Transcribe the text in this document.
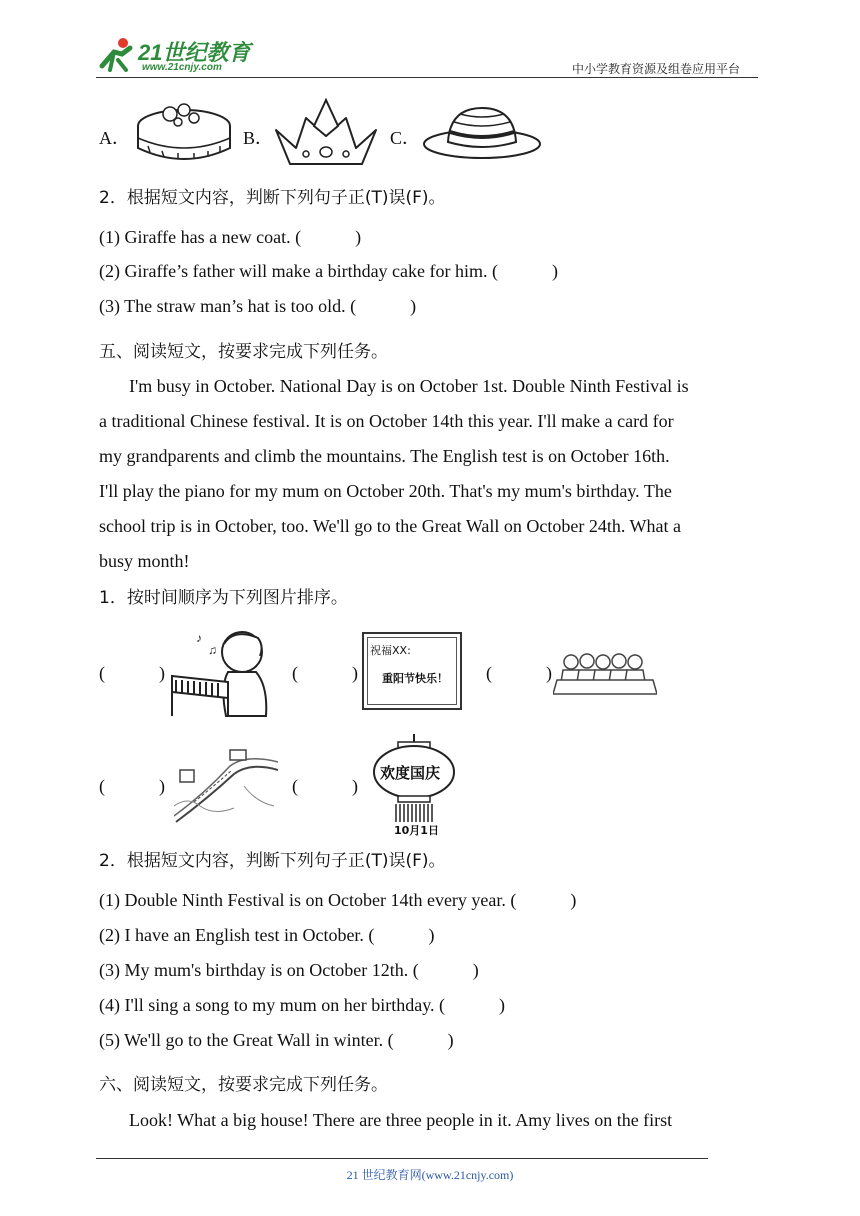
21世纪教育
www.21cnjy.com	中小学教育资源及组卷应用平台
A．	B．	C．
2．根据短文内容，判断下列句子正(T)误(F)。
(1) Giraffe has a new coat. (	)
(2) Giraffe’s father will make a birthday cake for him. (	)
(3) The straw man’s hat is too old. (	)
五、阅读短文，按要求完成下列任务。
I'm busy in October. National Day is on October 1st. Double Ninth Festival is
a traditional Chinese festival. It is on October 14th this year. I'll make a card for
my grandparents and climb the mountains. The English test is on October 16th.
I'll play the piano for my mum on October 20th. That's my mum's birthday. The
school trip is in October, too. We'll go to the Great Wall on October 24th. What a
busy month!
1．按时间顺序为下列图片排序。
(	)
♪
♫
(	)
祝福XX:
重阳节快乐！ (	)
(	)	(	)
欢度国庆
10月1日
2．根据短文内容，判断下列句子正(T)误(F)。
(1) Double Ninth Festival is on October 14th every year. (	)
(2) I have an English test in October. (	)
(3) My mum's birthday is on October 12th. (	)
(4) I'll sing a song to my mum on her birthday. (	)
(5) We'll go to the Great Wall in winter. (	)
六、阅读短文，按要求完成下列任务。
Look! What a big house! There are three people in it. Amy lives on the first
21 世纪教育网(www.21cnjy.com)
